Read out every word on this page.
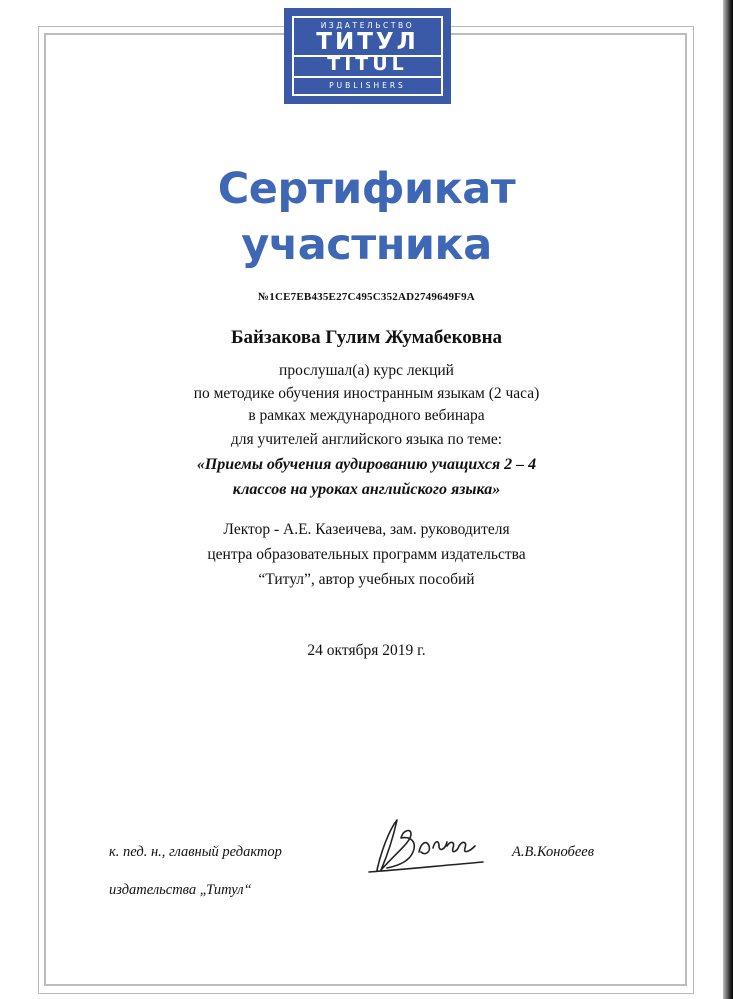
ИЗДАТЕЛЬСТВО
ТИТУЛ
TITUL
PUBLISHERS
Сертификат
участника
№1CE7EB435E27C495C352AD2749649F9A
Байзакова Гулим Жумабековна
прослушал(а) курс лекций
по методике обучения иностранным языкам (2 часа)
в рамках международного вебинара
для учителей английского языка по теме:
«Приемы обучения аудированию учащихся 2 – 4
классов на уроках английского языка»
Лектор - А.Е. Казеичева, зам. руководителя
центра образовательных программ издательства
“Титул”, автор учебных пособий
24 октября 2019 г.
к. пед. н., главный редактор
издательства „Титул“
А.В.Конобеев
